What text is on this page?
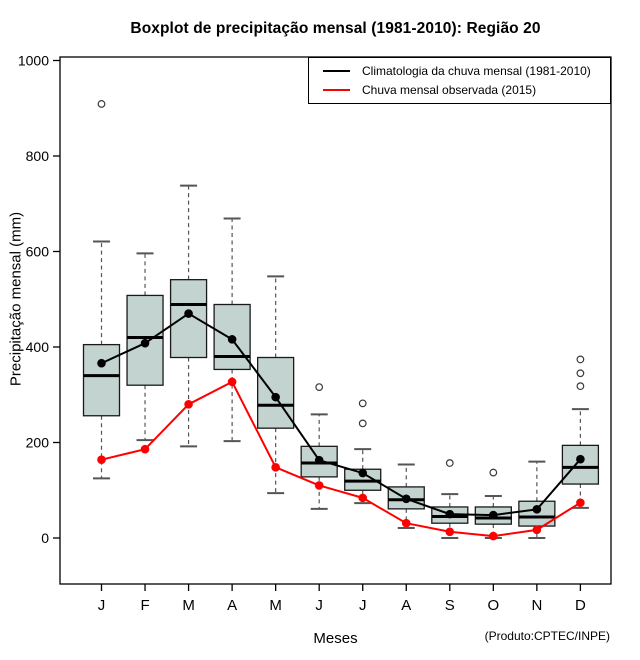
Boxplot de precipitação mensal (1981-2010): Região 20
Precipitação mensal (mm)
0
200
400
600
800
1000
J F M A M J J A S O N D
Climatologia da chuva mensal (1981-2010)
Chuva mensal observada (2015)
Meses	(Produto:CPTEC/INPE)
